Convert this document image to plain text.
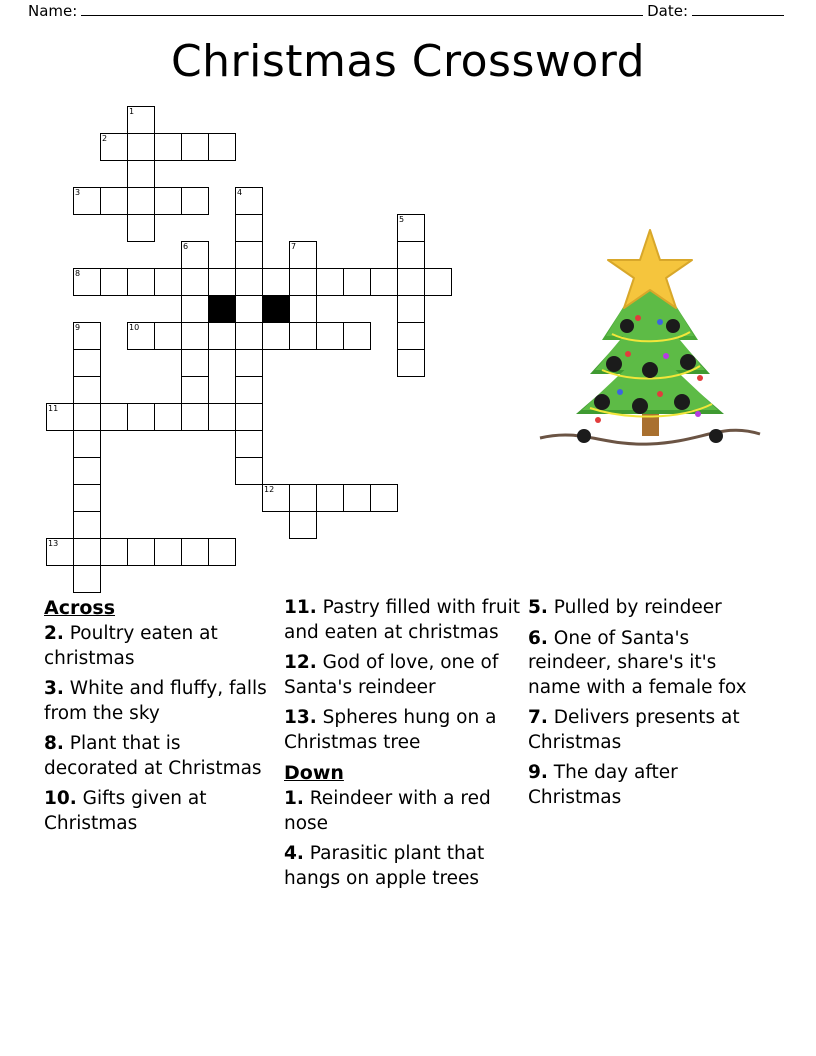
Name:	Date:
Christmas Crossword
1
2
3	4
5
6	7
8
9	10
11
12
13
Across
2. Poultry eaten at christmas
3. White and fluffy, falls from the sky
8. Plant that is decorated at Christmas
10. Gifts given at Christmas
11. Pastry filled with fruit and eaten at christmas
12. God of love, one of Santa's reindeer
13. Spheres hung on a Christmas tree
Down
1. Reindeer with a red nose
4. Parasitic plant that hangs on apple trees
5. Pulled by reindeer
6. One of Santa's reindeer, share's it's name with a female fox
7. Delivers presents at Christmas
9. The day after Christmas
